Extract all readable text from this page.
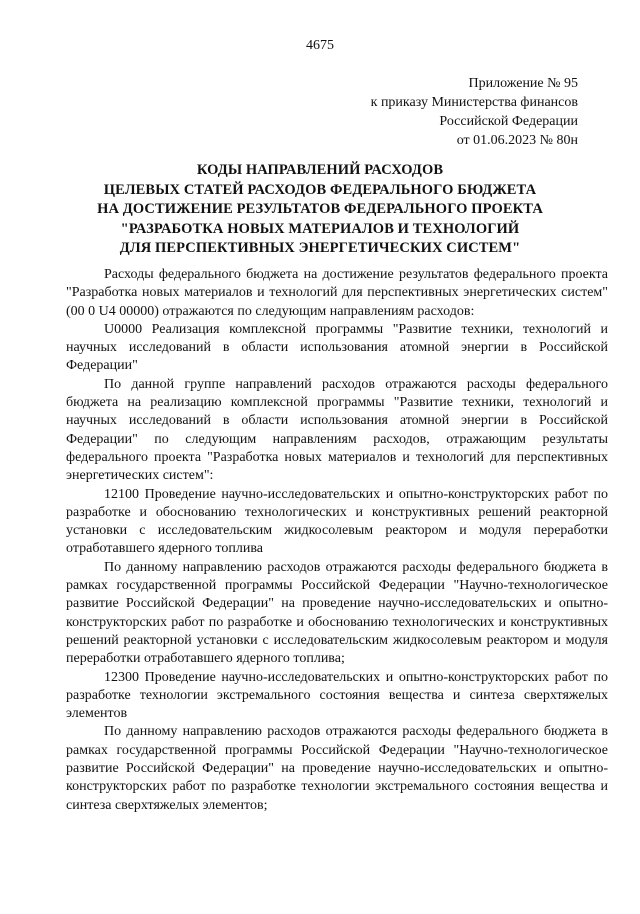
4675
Приложение № 95
к приказу Министерства финансов
Российской Федерации
от 01.06.2023 № 80н
КОДЫ НАПРАВЛЕНИЙ РАСХОДОВ
ЦЕЛЕВЫХ СТАТЕЙ РАСХОДОВ ФЕДЕРАЛЬНОГО БЮДЖЕТА
НА ДОСТИЖЕНИЕ РЕЗУЛЬТАТОВ ФЕДЕРАЛЬНОГО ПРОЕКТА
"РАЗРАБОТКА НОВЫХ МАТЕРИАЛОВ И ТЕХНОЛОГИЙ
ДЛЯ ПЕРСПЕКТИВНЫХ ЭНЕРГЕТИЧЕСКИХ СИСТЕМ"

Расходы федерального бюджета на достижение результатов федерального проекта "Разработка новых материалов и технологий для перспективных энергетических систем" (00 0 U4 00000) отражаются по следующим направлениям расходов:

U0000 Реализация комплексной программы "Развитие техники, технологий и научных исследований в области использования атомной энергии в Российской Федерации"

По данной группе направлений расходов отражаются расходы федерального бюджета на реализацию комплексной программы "Развитие техники, технологий и научных исследований в области использования атомной энергии в Российской Федерации" по следующим направлениям расходов, отражающим результаты федерального проекта "Разработка новых материалов и технологий для перспективных энергетических систем":

12100 Проведение научно-исследовательских и опытно-конструкторских работ по разработке и обоснованию технологических и конструктивных решений реакторной установки с исследовательским жидкосолевым реактором и модуля переработки отработавшего ядерного топлива

По данному направлению расходов отражаются расходы федерального бюджета в рамках государственной программы Российской Федерации "Научно-технологическое развитие Российской Федерации" на проведение научно-исследовательских и опытно-конструкторских работ по разработке и обоснованию технологических и конструктивных решений реакторной установки с исследовательским жидкосолевым реактором и модуля переработки отработавшего ядерного топлива;

12300 Проведение научно-исследовательских и опытно-конструкторских работ по разработке технологии экстремального состояния вещества и синтеза сверхтяжелых элементов

По данному направлению расходов отражаются расходы федерального бюджета в рамках государственной программы Российской Федерации "Научно-технологическое развитие Российской Федерации" на проведение научно-исследовательских и опытно-конструкторских работ по разработке технологии экстремального состояния вещества и синтеза сверхтяжелых элементов;
